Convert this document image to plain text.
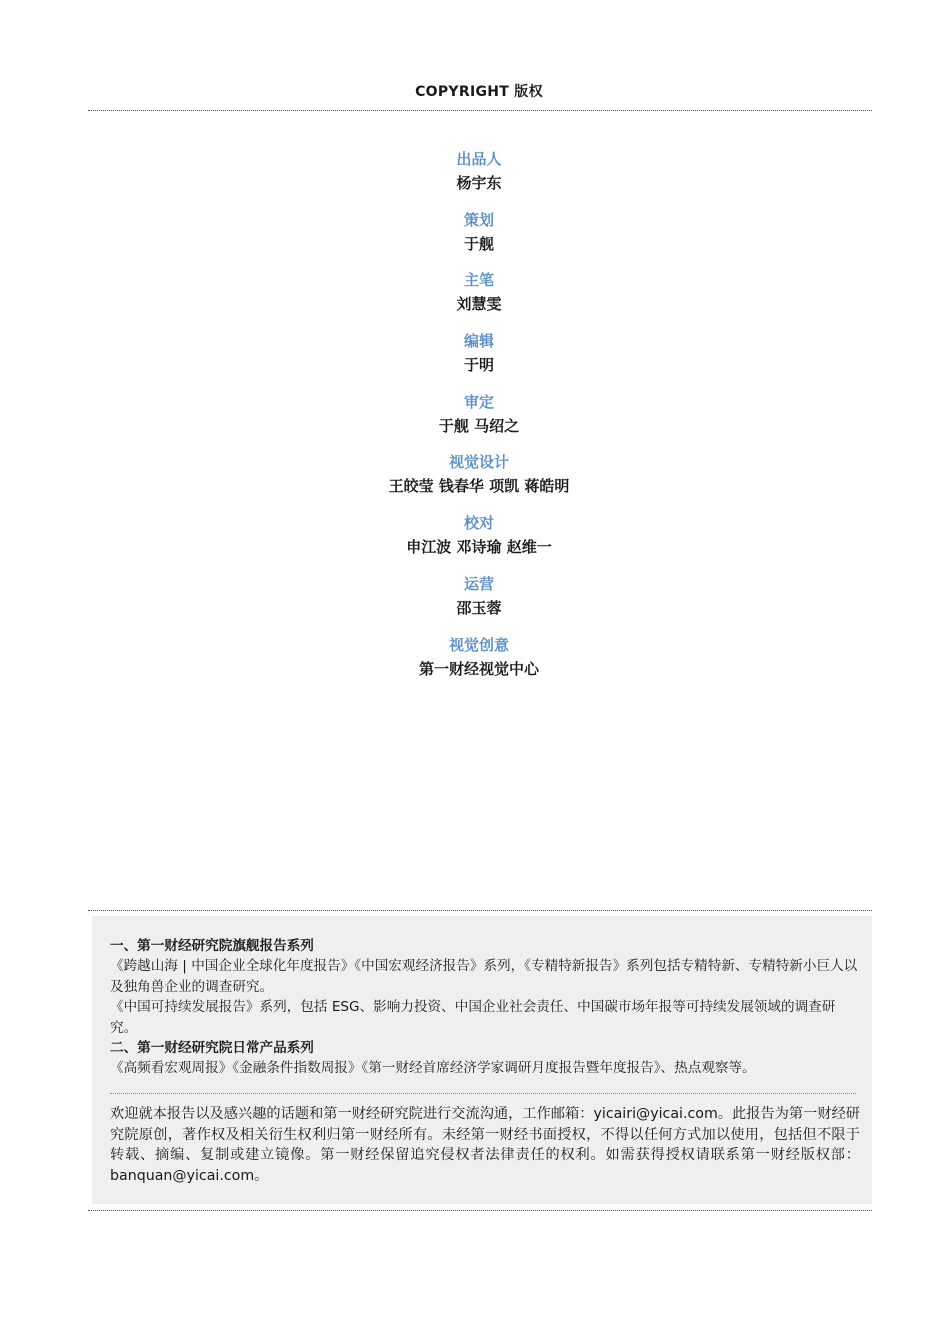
COPYRIGHT 版权
出品人
杨宇东
策划
于舰
主笔
刘慧雯
编辑
于明
审定
于舰 马绍之
视觉设计
王皎莹 钱春华 项凯 蒋皓明
校对
申江波 邓诗瑜 赵维一
运营
邵玉蓉
视觉创意
第一财经视觉中心
一、第一财经研究院旗舰报告系列
《跨越山海 | 中国企业全球化年度报告》《中国宏观经济报告》系列，《专精特新报告》系列包括专精特新、专精特新小巨人以及独角兽企业的调查研究。
《中国可持续发展报告》系列，包括 ESG、影响力投资、中国企业社会责任、中国碳市场年报等可持续发展领域的调查研究。
二、第一财经研究院日常产品系列
《高频看宏观周报》《金融条件指数周报》《第一财经首席经济学家调研月度报告暨年度报告》、热点观察等。
欢迎就本报告以及感兴趣的话题和第一财经研究院进行交流沟通，工作邮箱：yicairi@yicai.com。此报告为第一财经研究院原创，著作权及相关衍生权利归第一财经所有。未经第一财经书面授权，不得以任何方式加以使用，包括但不限于转载、摘编、复制或建立镜像。第一财经保留追究侵权者法律责任的权利。如需获得授权请联系第一财经版权部：banquan@yicai.com。
